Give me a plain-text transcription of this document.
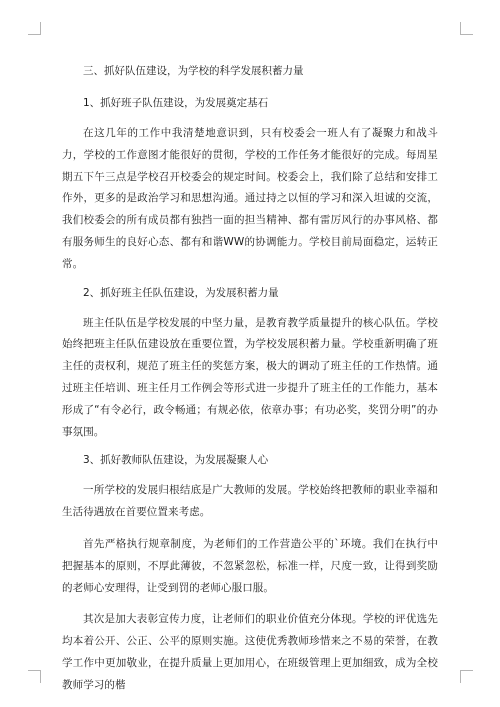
三、抓好队伍建设，为学校的科学发展积蓄力量
1、抓好班子队伍建设，为发展奠定基石

在这几年的工作中我清楚地意识到，只有校委会一班人有了凝聚力和战斗力，学校的工作意图才能很好的贯彻，学校的工作任务才能很好的完成。每周星期五下午三点是学校召开校委会的规定时间。校委会上，我们除了总结和安排工作外，更多的是政治学习和思想沟通。通过持之以恒的学习和深入坦诚的交流，我们校委会的所有成员都有独挡一面的担当精神、都有雷厉风行的办事风格、都有服务师生的良好心态、都有和谐WW的协调能力。学校目前局面稳定，运转正常。

2、抓好班主任队伍建设，为发展积蓄力量

班主任队伍是学校发展的中坚力量，是教育教学质量提升的核心队伍。学校始终把班主任队伍建设放在重要位置，为学校发展积蓄力量。学校重新明确了班主任的责权利，规范了班主任的奖惩方案，极大的调动了班主任的工作热情。通过班主任培训、班主任月工作例会等形式进一步提升了班主任的工作能力，基本形成了“有令必行，政令畅通；有规必依，依章办事；有功必奖，奖罚分明”的办事氛围。

3、抓好教师队伍建设，为发展凝聚人心

一所学校的发展归根结底是广大教师的发展。学校始终把教师的职业幸福和生活待遇放在首要位置来考虑。

首先严格执行规章制度，为老师们的工作营造公平的`环境。我们在执行中把握基本的原则，不厚此薄彼，不忽紧忽松，标准一样，尺度一致，让得到奖励的老师心安理得，让受到罚的老师心服口服。

其次是加大表彰宣传力度，让老师们的职业价值充分体现。学校的评优选先均本着公开、公正、公平的原则实施。这使优秀教师珍惜来之不易的荣誉，在教学工作中更加敬业，在提升质量上更加用心，在班级管理上更加细致，成为全校教师学习的楷
